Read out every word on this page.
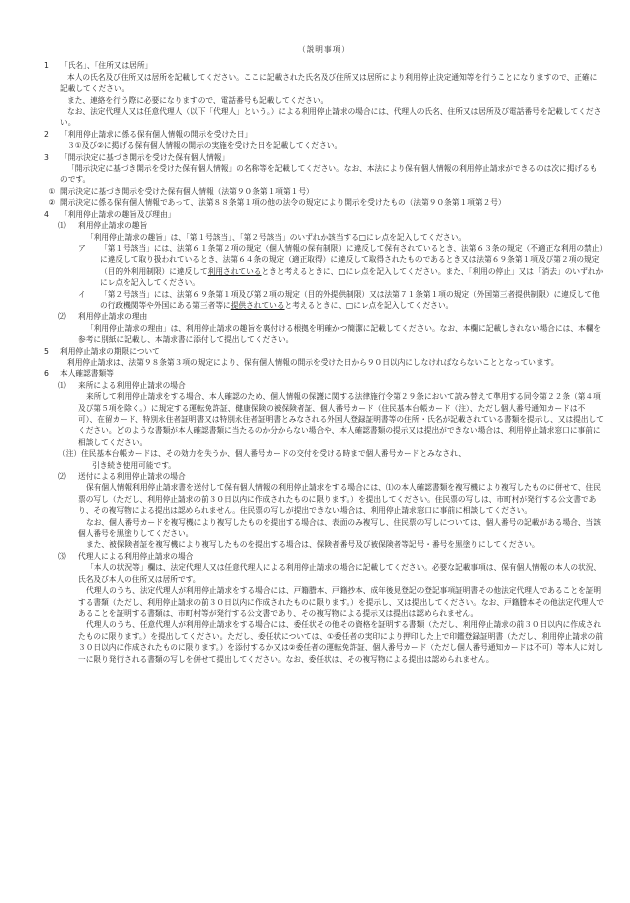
（説明事項）
1	「氏名」、「住所又は居所」

本人の氏名及び住所又は居所を記載してください。ここに記載された氏名及び住所又は居所により利用停止決定通知等を行うことになりますので、正確に記載してください。

また、連絡を行う際に必要になりますので、電話番号も記載してください。

なお、法定代理人又は任意代理人（以下「代理人」という。）による利用停止請求の場合には、代理人の氏名、住所又は居所及び電話番号を記載してください。

2	「利用停止請求に係る保有個人情報の開示を受けた日」

３①及び②に掲げる保有個人情報の開示の実施を受けた日を記載してください。

3	「開示決定に基づき開示を受けた保有個人情報」

「開示決定に基づき開示を受けた保有個人情報」の名称等を記載してください。なお、本法により保有個人情報の利用停止請求ができるのは次に掲げるものです。

① 開示決定に基づき開示を受けた保有個人情報（法第９０条第１項第１号）
② 開示決定に係る保有個人情報であって、法第８８条第１項の他の法令の規定により開示を受けたもの（法第９０条第１項第２号）
4	「利用停止請求の趣旨及び理由」
⑴	利用停止請求の趣旨

「利用停止請求の趣旨」は、「第１号該当」、「第２号該当」のいずれか該当する□にレ点を記入してください。

ア	「第１号該当」には、法第６１条第２項の規定（個人情報の保有制限）に違反して保有されているとき、法第６３条の規定（不適正な利用の禁止）に違反して取り扱われているとき、法第６４条の規定（適正取得）に違反して取得されたものであるとき又は法第６９条第１項及び第２項の規定（目的外利用制限）に違反して利用されているときと考えるときに、□にレ点を記入してください。また、「利用の停止」又は「消去」のいずれかにレ点を記入してください。
イ	「第２号該当」には、法第６９条第１項及び第２項の規定（目的外提供制限）又は法第７１条第１項の規定（外国第三者提供制限）に違反して他の行政機関等や外国にある第三者等に提供されていると考えるときに、□にレ点を記入してください。
⑵	利用停止請求の理由

「利用停止請求の理由」は、利用停止請求の趣旨を裏付ける根拠を明確かつ簡潔に記載してください。なお、本欄に記載しきれない場合には、本欄を参考に別紙に記載し、本請求書に添付して提出してください。

5	利用停止請求の期限について

利用停止請求は、法第９８条第３項の規定により、保有個人情報の開示を受けた日から９０日以内にしなければならないこととなっています。

6	本人確認書類等
⑴	来所による利用停止請求の場合

来所して利用停止請求をする場合、本人確認のため、個人情報の保護に関する法律施行令第２９条において読み替えて準用する同令第２２条（第４項及び第５項を除く。）に規定する運転免許証、健康保険の被保険者証、個人番号カード（住民基本台帳カード（注）、ただし個人番号通知カードは不可）、在留カード、特別永住者証明書又は特別永住者証明書とみなされる外国人登録証明書等の住所・氏名が記載されている書類を提示し、又は提出してください。どのような書類が本人確認書類に当たるのか分からない場合や、本人確認書類の提示又は提出ができない場合は、利用停止請求窓口に事前に相談してください。

（注）住民基本台帳カードは、その効力を失うか、個人番号カードの交付を受ける時まで個人番号カードとみなされ、

引き続き使用可能です。

⑵	送付による利用停止請求の場合

保有個人情報利用停止請求書を送付して保有個人情報の利用停止請求をする場合には、⑴の本人確認書類を複写機により複写したものに併せて、住民票の写し（ただし、利用停止請求の前３０日以内に作成されたものに限ります。）を提出してください。住民票の写しは、市町村が発行する公文書であり、その複写物による提出は認められません。住民票の写しが提出できない場合は、利用停止請求窓口に事前に相談してください。

なお、個人番号カードを複写機により複写したものを提出する場合は、表面のみ複写し、住民票の写しについては、個人番号の記載がある場合、当該個人番号を黒塗りしてください。

また、被保険者証を複写機により複写したものを提出する場合は、保険者番号及び被保険者等記号・番号を黒塗りにしてください。

⑶	代理人による利用停止請求の場合

「本人の状況等」欄は、法定代理人又は任意代理人による利用停止請求の場合に記載してください。必要な記載事項は、保有個人情報の本人の状況、氏名及び本人の住所又は居所です。

代理人のうち、法定代理人が利用停止請求をする場合には、戸籍謄本、戸籍抄本、成年後見登記の登記事項証明書その他法定代理人であることを証明する書類（ただし、利用停止請求の前３０日以内に作成されたものに限ります。）を提示し、又は提出してください。なお、戸籍謄本その他法定代理人であることを証明する書類は、市町村等が発行する公文書であり、その複写物による提示又は提出は認められません。

代理人のうち、任意代理人が利用停止請求をする場合には、委任状その他その資格を証明する書類（ただし、利用停止請求の前３０日以内に作成されたものに限ります。）を提出してください。ただし、委任状については、①委任者の実印により押印した上で印鑑登録証明書（ただし、利用停止請求の前３０日以内に作成されたものに限ります。）を添付するか又は②委任者の運転免許証、個人番号カード（ただし個人番号通知カードは不可）等本人に対し一に限り発行される書類の写しを併せて提出してください。なお、委任状は、その複写物による提出は認められません。
